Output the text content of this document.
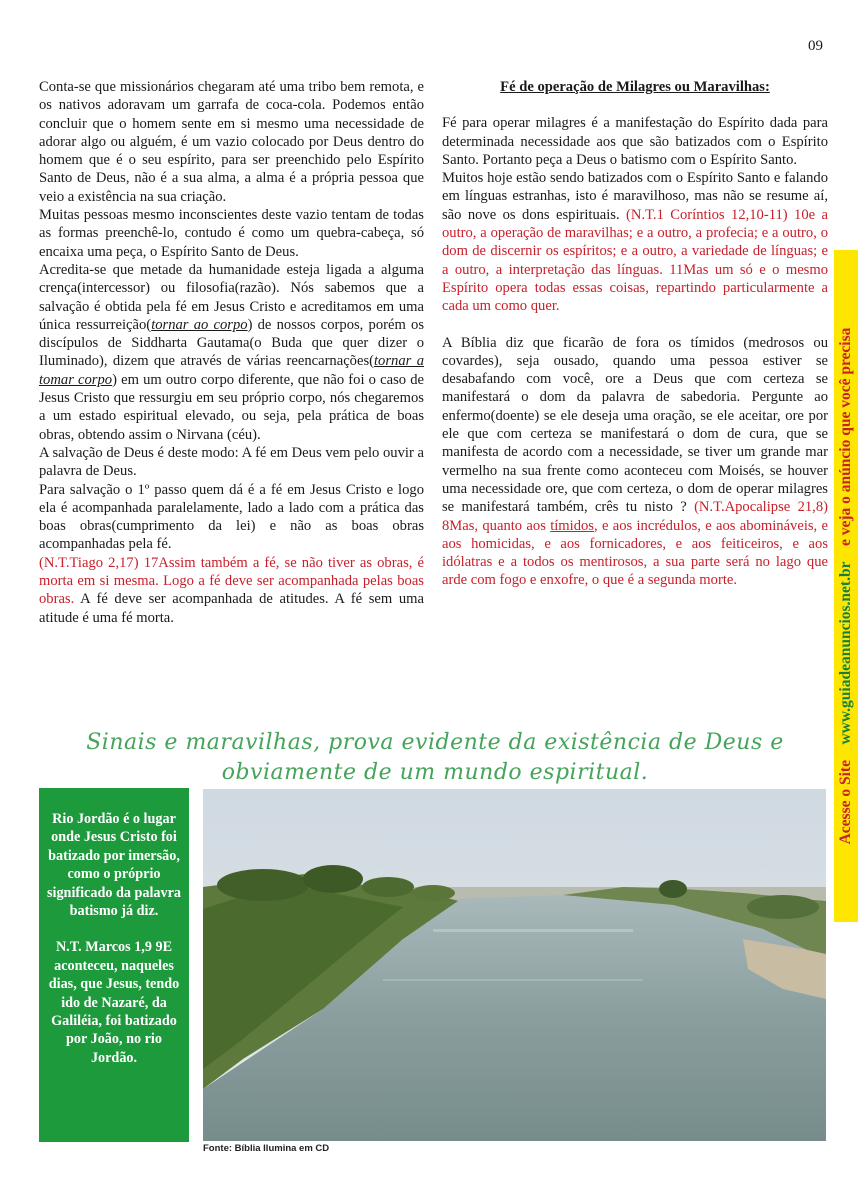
09

Conta-se que missionários chegaram até uma tribo bem remota, e os nativos adoravam um garrafa de coca-cola. Podemos então concluir que o homem sente em si mesmo uma necessidade de adorar algo ou alguém, é um vazio colocado por Deus dentro do homem que é o seu espírito, para ser preenchido pelo Espírito Santo de Deus, não é a sua alma, a alma é a própria pessoa que veio a existência na sua criação.

Muitas pessoas mesmo inconscientes deste vazio tentam de todas as formas preenchê-lo, contudo é como um quebra-cabeça, só encaixa uma peça, o Espírito Santo de Deus.

Acredita-se que metade da humanidade esteja ligada a alguma crença(intercessor) ou filosofia(razão). Nós sabemos que a salvação é obtida pela fé em Jesus Cristo e acreditamos em uma única ressurreição(tornar ao corpo) de nossos corpos, porém os discípulos de Siddharta Gautama(o Buda que quer dizer o Iluminado), dizem que através de várias reencarnações(tornar a tomar corpo) em um outro corpo diferente, que não foi o caso de Jesus Cristo que ressurgiu em seu próprio corpo, nós chegaremos a um estado espiritual elevado, ou seja, pela prática de boas obras, obtendo assim o Nirvana (céu).

A salvação de Deus é deste modo: A fé em Deus vem pelo ouvir a palavra de Deus.

Para salvação o 1º passo quem dá é a fé em Jesus Cristo e logo ela é acompanhada paralelamente, lado a lado com a prática das boas obras(cumprimento da lei) e não as boas obras acompanhadas pela fé.

(N.T.Tiago 2,17) 17Assim também a fé, se não tiver as obras, é morta em si mesma. Logo a fé deve ser acompanhada pelas boas obras. A fé deve ser acompanhada de atitudes. A fé sem uma atitude é uma fé morta.

Fé de operação de Milagres ou Maravilhas:

Fé para operar milagres é a manifestação do Espírito dada para determinada necessidade aos que são batizados com o Espírito Santo. Portanto peça a Deus o batismo com o Espírito Santo.

Muitos hoje estão sendo batizados com o Espírito Santo e falando em línguas estranhas, isto é maravilhoso, mas não se resume aí, são nove os dons espirituais. (N.T.1 Coríntios 12,10-11) 10e a outro, a operação de maravilhas; e a outro, a profecia; e a outro, o dom de discernir os espíritos; e a outro, a variedade de línguas; e a outro, a interpretação das línguas. 11Mas um só e o mesmo Espírito opera todas essas coisas, repartindo particularmente a cada um como quer.

A Bíblia diz que ficarão de fora os tímidos (medrosos ou covardes), seja ousado, quando uma pessoa estiver se desabafando com você, ore a Deus que com certeza se manifestará o dom da palavra de sabedoria. Pergunte ao enfermo(doente) se ele deseja uma oração, se ele aceitar, ore por ele que com certeza se manifestará o dom de cura, que se manifesta de acordo com a necessidade, se tiver um grande mar vermelho na sua frente como aconteceu com Moisés, se houver uma necessidade ore, que com certeza, o dom de operar milagres se manifestará também, crês tu nisto ? (N.T.Apocalipse 21,8) 8Mas, quanto aos tímidos, e aos incrédulos, e aos abomináveis, e aos homicidas, e aos fornicadores, e aos feiticeiros, e aos idólatras e a todos os mentirosos, a sua parte será no lago que arde com fogo e enxofre, o que é a segunda morte.

Acesse o Site    www.guiadeanuncios.net.br    e veja o anúncio que você precisa
Sinais e maravilhas, prova evidente da existência de Deus e
obviamente de um mundo espiritual.

Rio Jordão é o lugar onde Jesus Cristo foi batizado por imersão, como o próprio significado da palavra batismo já diz.

N.T. Marcos 1,9 9E aconteceu, naqueles dias, que Jesus, tendo ido de Nazaré, da Galiléia, foi batizado por João, no rio Jordão.

Fonte: Bíblia Ilumina em CD
